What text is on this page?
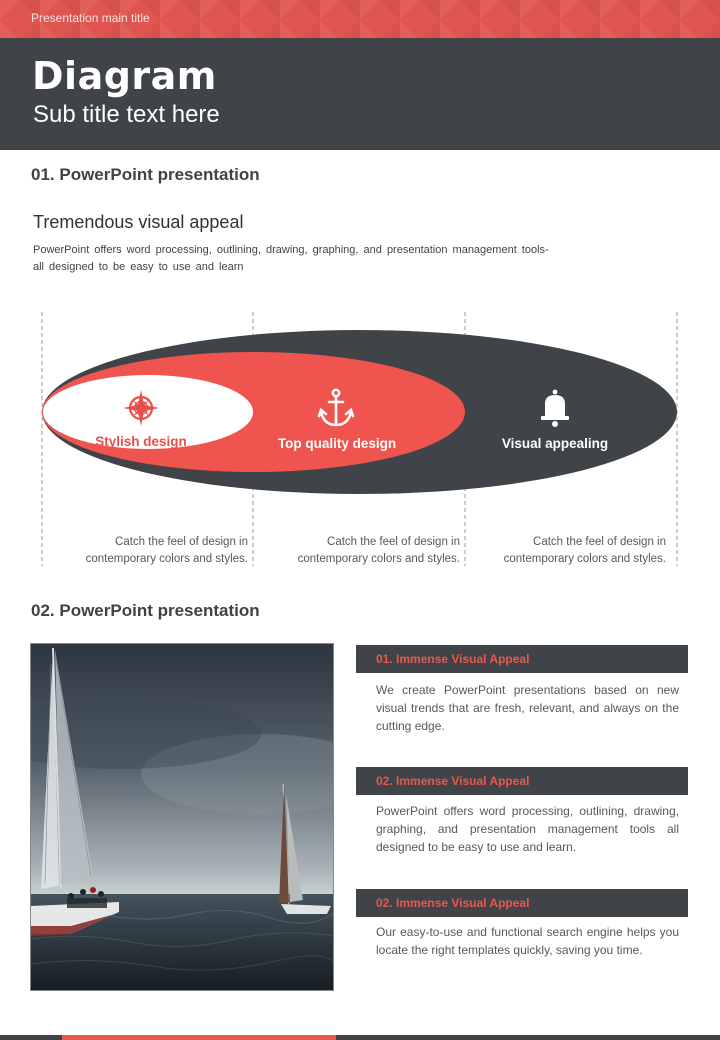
Presentation main title
Diagram
Sub title text here
01. PowerPoint presentation
Tremendous visual appeal
PowerPoint offers word processing, outlining, drawing, graphing, and presentation management tools- all designed to be easy to use and learn
Stylish design	Top quality design	Visual appealing
Catch the feel of design in contemporary colors and styles.
Catch the feel of design in contemporary colors and styles.
Catch the feel of design in contemporary colors and styles.
02. PowerPoint presentation
01. Immense Visual Appeal
We create PowerPoint presentations based on new visual trends that are fresh, relevant, and always on the cutting edge.
02. Immense Visual Appeal
PowerPoint offers word processing, outlining, drawing, graphing, and presentation management tools all designed to be easy to use and learn.
02. Immense Visual Appeal
Our easy-to-use and functional search engine helps you locate the right templates quickly, saving you time.
